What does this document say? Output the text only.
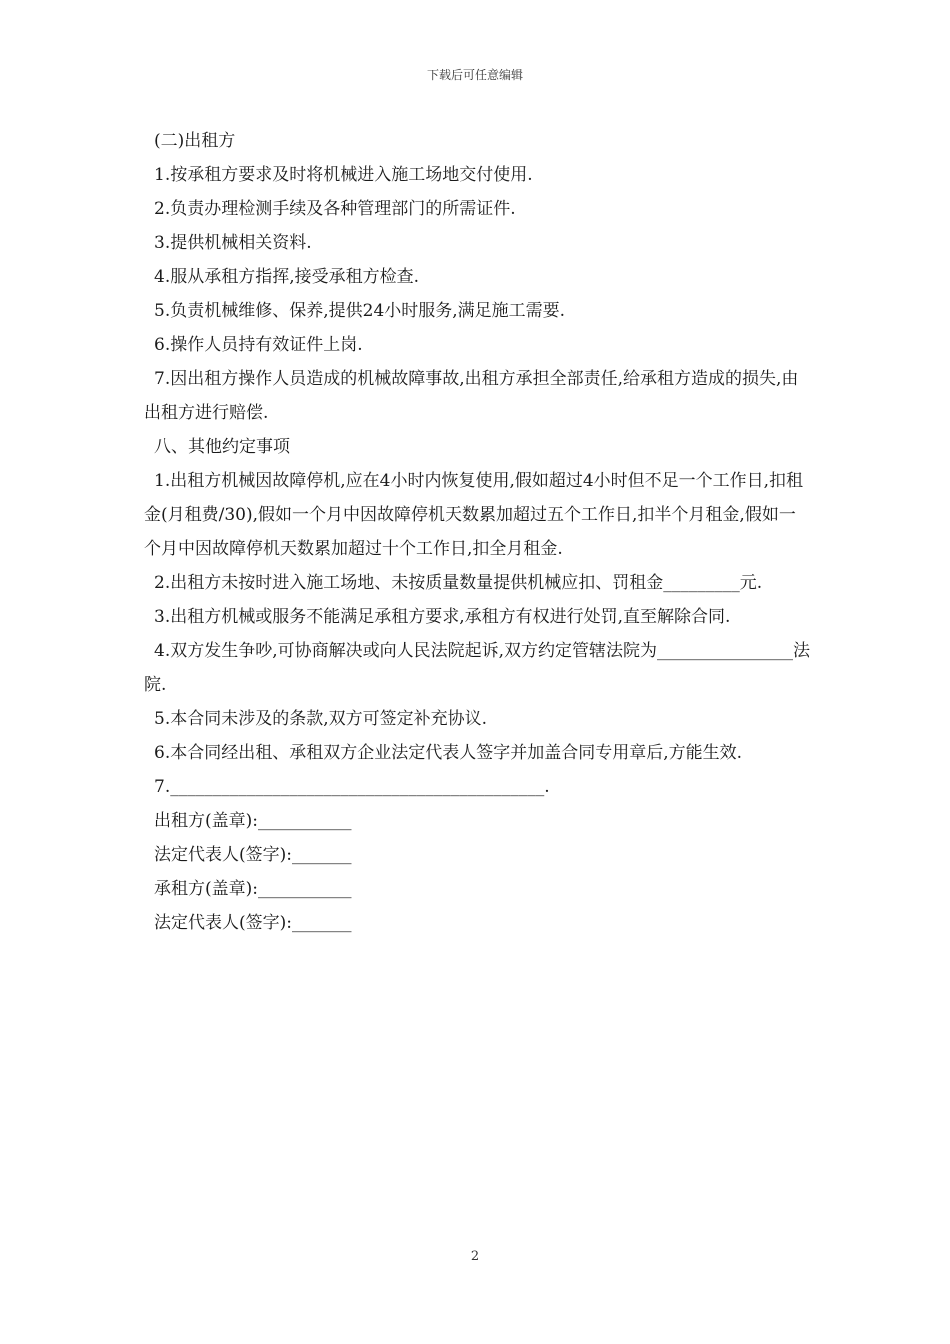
下载后可任意编辑

(二)出租方

1.按承租方要求及时将机械进入施工场地交付使用.

2.负责办理检测手续及各种管理部门的所需证件.

3.提供机械相关资料.

4.服从承租方指挥,接受承租方检查.

5.负责机械维修、保养,提供24小时服务,满足施工需要.

6.操作人员持有效证件上岗.

7.因出租方操作人员造成的机械故障事故,出租方承担全部责任,给承租方造成的损失,由出租方进行赔偿.

八、其他约定事项

1.出租方机械因故障停机,应在4小时内恢复使用,假如超过4小时但不足一个工作日,扣租金(月租费/30),假如一个月中因故障停机天数累加超过五个工作日,扣半个月租金,假如一个月中因故障停机天数累加超过十个工作日,扣全月租金.

2.出租方未按时进入施工场地、未按质量数量提供机械应扣、罚租金_________元.

3.出租方机械或服务不能满足承租方要求,承租方有权进行处罚,直至解除合同.

4.双方发生争吵,可协商解决或向人民法院起诉,双方约定管辖法院为________________法院.

5.本合同未涉及的条款,双方可签定补充协议.

6.本合同经出租、承租双方企业法定代表人签字并加盖合同专用章后,方能生效.

7.____________________________________________.

出租方(盖章):___________

法定代表人(签字):_______

承租方(盖章):___________

法定代表人(签字):_______

2
